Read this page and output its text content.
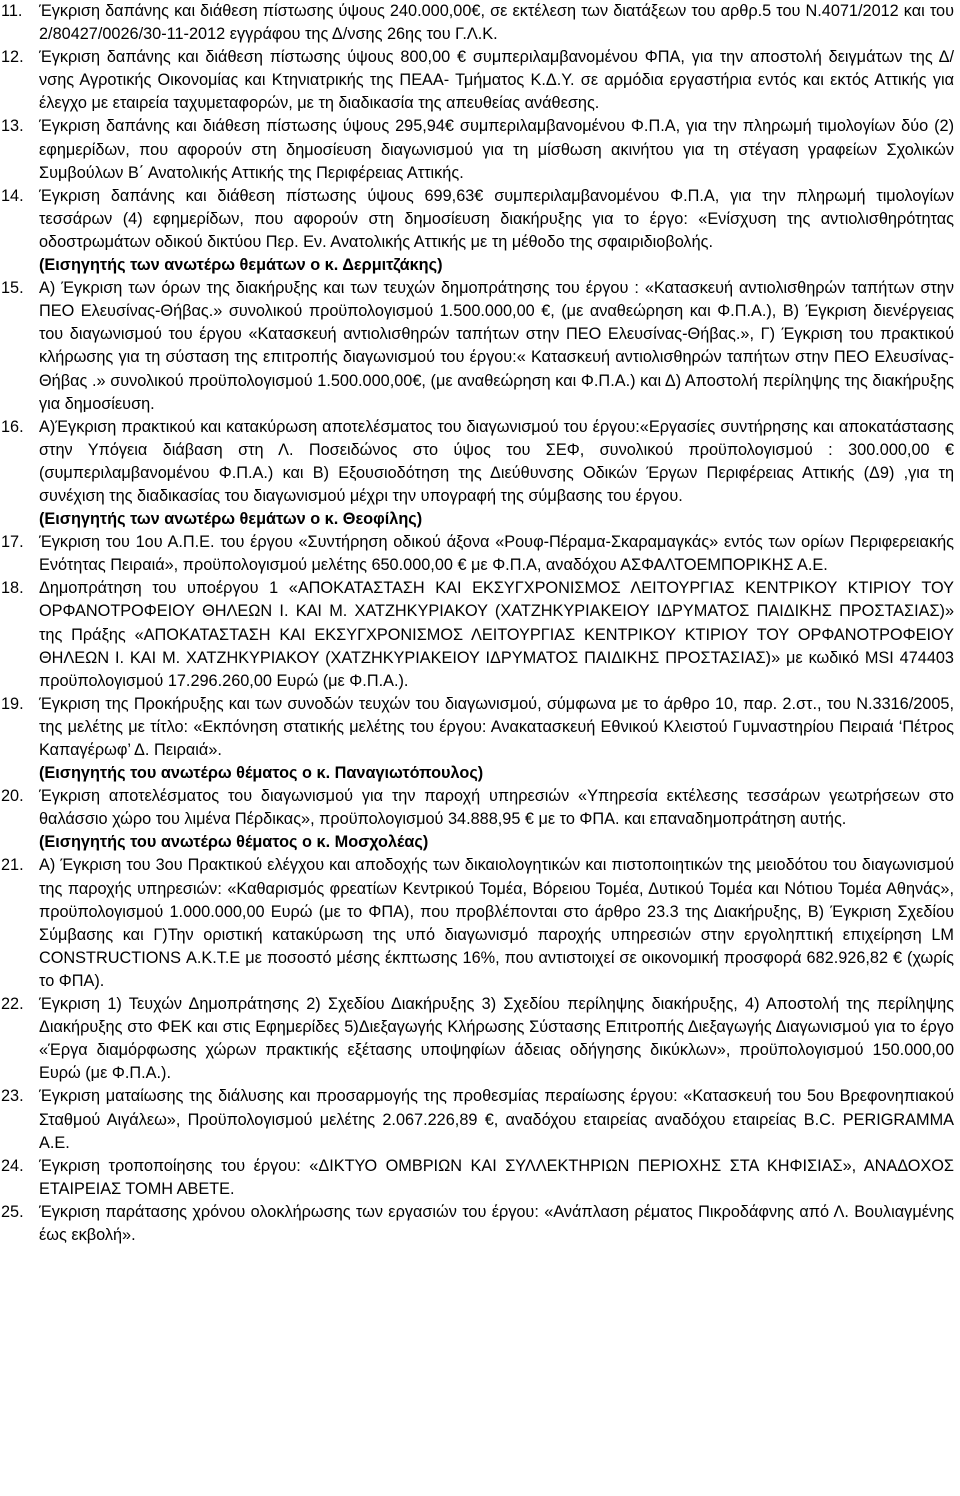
11.	Έγκριση δαπάνης και διάθεση πίστωσης ύψους 240.000,00€, σε εκτέλεση των διατάξεων του αρθρ.5 του Ν.4071/2012 και του 2/80427/0026/30-11-2012 εγγράφου της Δ/νσης 26ης του Γ.Λ.Κ.
12. Έγκριση δαπάνης και διάθεση πίστωσης ύψους 800,00 € συμπεριλαμβανομένου ΦΠΑ, για την αποστολή δειγμάτων της Δ/νσης Αγροτικής Οικονομίας και Κτηνιατρικής της ΠΕΑΑ- Τμήματος Κ.Δ.Υ. σε αρμόδια εργαστήρια εντός και εκτός Αττικής για έλεγχο με εταιρεία ταχυμεταφορών, με τη διαδικασία της απευθείας ανάθεσης.
13. Έγκριση δαπάνης και διάθεση πίστωσης ύψους 295,94€ συμπεριλαμβανομένου Φ.Π.Α, για την πληρωμή τιμολογίων δύο (2) εφημερίδων, που αφορούν στη δημοσίευση διαγωνισμού για τη μίσθωση ακινήτου για τη στέγαση γραφείων Σχολικών Συμβούλων Β΄ Ανατολικής Αττικής της Περιφέρειας Αττικής.
14. Έγκριση δαπάνης και διάθεση πίστωσης ύψους 699,63€ συμπεριλαμβανομένου Φ.Π.Α, για την πληρωμή τιμολογίων τεσσάρων (4) εφημερίδων, που αφορούν στη δημοσίευση διακήρυξης για το έργο: «Ενίσχυση της αντιολισθηρότητας οδοστρωμάτων οδικού δικτύου Περ. Εν. Ανατολικής Αττικής με τη μέθοδο της σφαιριδιοβολής.
(Εισηγητής των ανωτέρω θεμάτων ο κ. Δερμιτζάκης)
15. Α) Έγκριση των όρων της διακήρυξης και των τευχών δημοπράτησης του έργου : «Κατασκευή αντιολισθηρών ταπήτων στην ΠΕΟ Ελευσίνας-Θήβας.» συνολικού προϋπολογισμού 1.500.000,00 €, (με αναθεώρηση και Φ.Π.Α.), Β) Έγκριση διενέργειας του διαγωνισμού του έργου «Κατασκευή αντιολισθηρών ταπήτων στην ΠΕΟ Ελευσίνας-Θήβας.», Γ) Έγκριση του πρακτικού κλήρωσης για τη σύσταση της επιτροπής διαγωνισμού του έργου:« Κατασκευή αντιολισθηρών ταπήτων στην ΠΕΟ Ελευσίνας-Θήβας .» συνολικού προϋπολογισμού 1.500.000,00€, (με αναθεώρηση και Φ.Π.Α.) και Δ) Αποστολή περίληψης της διακήρυξης για δημοσίευση.
16. Α)Έγκριση πρακτικού και κατακύρωση αποτελέσματος του διαγωνισμού του έργου:«Εργασίες συντήρησης και αποκατάστασης στην Υπόγεια διάβαση στη Λ. Ποσειδώνος στο ύψος του ΣΕΦ, συνολικού προϋπολογισμού : 300.000,00 € (συμπεριλαμβανομένου Φ.Π.Α.) και Β) Εξουσιοδότηση της Διεύθυνσης Οδικών Έργων Περιφέρειας Αττικής (Δ9) ,για τη συνέχιση της διαδικασίας του διαγωνισμού μέχρι την υπογραφή της σύμβασης του έργου.
(Εισηγητής των ανωτέρω θεμάτων ο κ. Θεοφίλης)
17. Έγκριση του 1ου Α.Π.Ε. του έργου «Συντήρηση οδικού άξονα «Ρουφ-Πέραμα-Σκαραμαγκάς» εντός των ορίων Περιφερειακής Ενότητας Πειραιά», προϋπολογισμού μελέτης 650.000,00 € με Φ.Π.Α, αναδόχου ΑΣΦΑΛΤΟΕΜΠΟΡΙΚΗΣ Α.Ε.
18. Δημοπράτηση του υποέργου 1 «ΑΠΟΚΑΤΑΣΤΑΣΗ ΚΑΙ ΕΚΣΥΓΧΡΟΝΙΣΜΟΣ ΛΕΙΤΟΥΡΓΙΑΣ ΚΕΝΤΡΙΚΟΥ ΚΤΙΡΙΟΥ ΤΟΥ ΟΡΦΑΝΟΤΡΟΦΕΙΟΥ ΘΗΛΕΩΝ Ι. ΚΑΙ Μ. ΧΑΤΖΗΚΥΡΙΑΚΟΥ (ΧΑΤΖΗΚΥΡΙΑΚΕΙΟΥ ΙΔΡΥΜΑΤΟΣ ΠΑΙΔΙΚΗΣ ΠΡΟΣΤΑΣΙΑΣ)» της Πράξης «ΑΠΟΚΑΤΑΣΤΑΣΗ ΚΑΙ ΕΚΣΥΓΧΡΟΝΙΣΜΟΣ ΛΕΙΤΟΥΡΓΙΑΣ ΚΕΝΤΡΙΚΟΥ ΚΤΙΡΙΟΥ ΤΟΥ ΟΡΦΑΝΟΤΡΟΦΕΙΟΥ ΘΗΛΕΩΝ Ι. ΚΑΙ Μ. ΧΑΤΖΗΚΥΡΙΑΚΟΥ (ΧΑΤΖΗΚΥΡΙΑΚΕΙΟΥ ΙΔΡΥΜΑΤΟΣ ΠΑΙΔΙΚΗΣ ΠΡΟΣΤΑΣΙΑΣ)» με κωδικό MSI 474403 προϋπολογισμού 17.296.260,00 Ευρώ (με Φ.Π.Α.).
19. Έγκριση της Προκήρυξης και των συνοδών τευχών του διαγωνισμού, σύμφωνα με το άρθρο 10, παρ. 2.στ., του Ν.3316/2005, της μελέτης με τίτλο: «Εκπόνηση στατικής μελέτης του έργου: Ανακατασκευή Εθνικού Κλειστού Γυμναστηρίου Πειραιά ‘Πέτρος Καπαγέρωφ’ Δ. Πειραιά».
(Εισηγητής του ανωτέρω θέματος ο κ. Παναγιωτόπουλος)
20. Έγκριση αποτελέσματος του διαγωνισμού για την παροχή υπηρεσιών «Υπηρεσία εκτέλεσης τεσσάρων γεωτρήσεων στο θαλάσσιο χώρο του λιμένα Πέρδικας», προϋπολογισμού 34.888,95 € με το ΦΠΑ. και επαναδημοπράτηση αυτής.
(Εισηγητής του ανωτέρω θέματος ο κ. Μοσχολέας)
21. Α) Έγκριση του 3ου Πρακτικού ελέγχου και αποδοχής των δικαιολογητικών και πιστοποιητικών της μειοδότου του διαγωνισμού της παροχής υπηρεσιών: «Καθαρισμός φρεατίων Κεντρικού Τομέα, Βόρειου Τομέα, Δυτικού Τομέα και Νότιου Τομέα Αθηνάς», προϋπολογισμού 1.000.000,00 Ευρώ (με το ΦΠΑ), που προβλέπονται στο άρθρο 23.3 της Διακήρυξης, Β) Έγκριση Σχεδίου Σύμβασης και Γ)Την οριστική κατακύρωση της υπό διαγωνισμό παροχής υπηρεσιών στην εργοληπτική επιχείρηση LM CONSTRUCTIONS Α.Κ.Τ.Ε με ποσοστό μέσης έκπτωσης 16%, που αντιστοιχεί σε οικονομική προσφορά 682.926,82 € (χωρίς το ΦΠΑ).
22. Έγκριση 1) Τευχών Δημοπράτησης 2) Σχεδίου Διακήρυξης 3) Σχεδίου περίληψης διακήρυξης, 4) Αποστολή της περίληψης Διακήρυξης στο ΦΕΚ και στις Εφημερίδες 5)Διεξαγωγής Κλήρωσης Σύστασης Επιτροπής Διεξαγωγής Διαγωνισμού για το έργο «Έργα διαμόρφωσης χώρων πρακτικής εξέτασης υποψηφίων άδειας οδήγησης δικύκλων», προϋπολογισμού 150.000,00 Ευρώ (με Φ.Π.Α.).
23. Έγκριση ματαίωσης της διάλυσης και προσαρμογής της προθεσμίας περαίωσης έργου: «Κατασκευή του 5ου Βρεφονηπιακού Σταθμού Αιγάλεω», Προϋπολογισμού μελέτης 2.067.226,89 €, αναδόχου εταιρείας αναδόχου εταιρείας B.C. PERIGRAMMA Α.Ε.
24. Έγκριση τροποποίησης του έργου: «ΔΙΚΤΥΟ ΟΜΒΡΙΩΝ ΚΑΙ ΣΥΛΛΕΚΤΗΡΙΩΝ ΠΕΡΙΟΧΗΣ ΣΤΑ ΚΗΦΙΣΙΑΣ», ΑΝΑΔΟΧΟΣ ΕΤΑΙΡΕΙΑΣ ΤΟΜΗ ΑΒΕΤΕ.
25. Έγκριση παράτασης χρόνου ολοκλήρωσης των εργασιών του έργου: «Ανάπλαση ρέματος Πικροδάφνης από Λ. Βουλιαγμένης έως εκβολή».
